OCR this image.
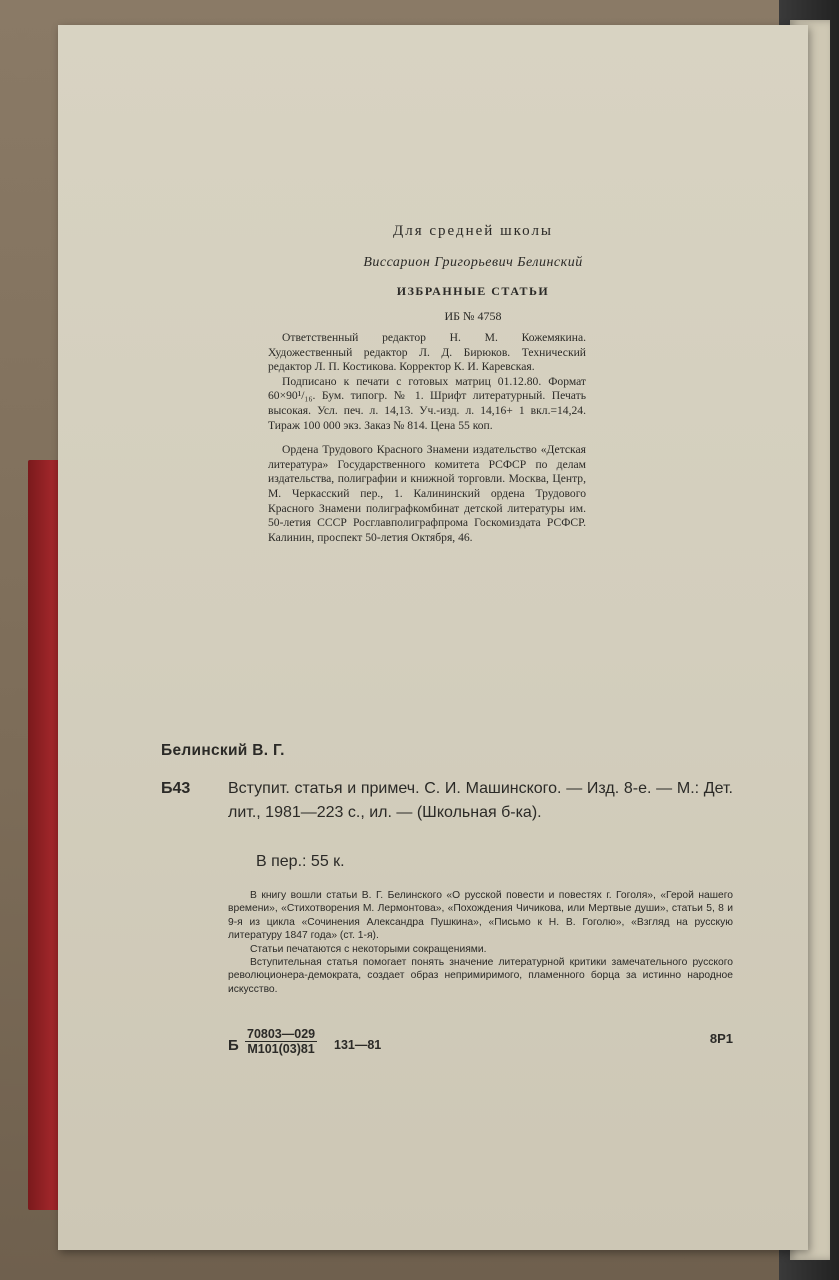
Для средней школы
Виссарион Григорьевич Белинский
ИЗБРАННЫЕ СТАТЬИ
ИБ № 4758

Ответственный редактор Н. М. Кожемякина. Художественный редактор Л. Д. Бирюков. Технический редактор Л. П. Костикова. Корректор К. И. Каревская.

Подписано к печати с готовых матриц 01.12.80. Формат 60×90¹/₁₆. Бум. типогр. № 1. Шрифт литературный. Печать высокая. Усл. печ. л. 14,13. Уч.-изд. л. 14,16+ 1 вкл.=14,24. Тираж 100 000 экз. Заказ № 814. Цена 55 коп.

Ордена Трудового Красного Знамени издательство «Детская литература» Государственного комитета РСФСР по делам издательства, полиграфии и книжной торговли. Москва, Центр, М. Черкасский пер., 1. Калининский ордена Трудового Красного Знамени полиграфкомбинат детской литературы им. 50-летия СССР Росглавполиграфпрома Госкомиздата РСФСР. Калинин, проспект 50-летия Октября, 46.

Белинский В. Г.
Б43 Вступит. статья и примеч. С. И. Машинского. — Изд. 8-е. — М.: Дет. лит., 1981—223 с., ил. — (Школьная б-ка).
В пер.: 55 к.

В книгу вошли статьи В. Г. Белинского «О русской повести и повестях г. Гоголя», «Герой нашего времени», «Стихотворения М. Лермонтова», «Похождения Чичикова, или Мертвые души», статьи 5, 8 и 9-я из цикла «Сочинения Александра Пушкина», «Письмо к Н. В. Гоголю», «Взгляд на русскую литературу 1847 года» (ст. 1-я).

Статьи печатаются с некоторыми сокращениями.

Вступительная статья помогает понять значение литературной критики замечательного русского революционера-демократа, создает образ непримиримого, пламенного борца за истинно народное искусство.

Б
70803—029
М101(03)81 131—81	8Р1
